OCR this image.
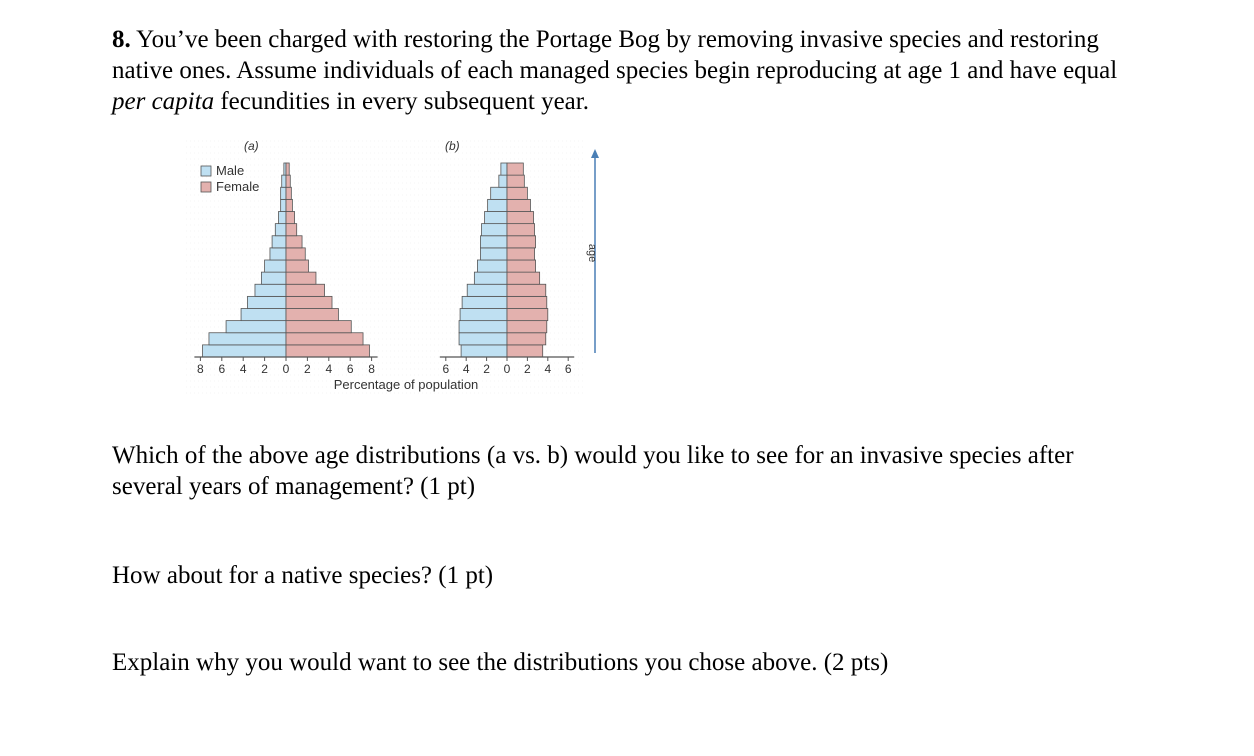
8. You’ve been charged with restoring the Portage Bog by removing invasive species and restoring native ones. Assume individuals of each managed species begin reproducing at age 1 and have equal per capita fecundities in every subsequent year.
8 6 4 2 0 2 4 6 8
(a)
6 4 2 0 2 4 6
(b)
Male
Female
Percentage of population
age
Which of the above age distributions (a vs. b) would you like to see for an invasive species after several years of management? (1 pt)
How about for a native species? (1 pt)
Explain why you would want to see the distributions you chose above. (2 pts)
